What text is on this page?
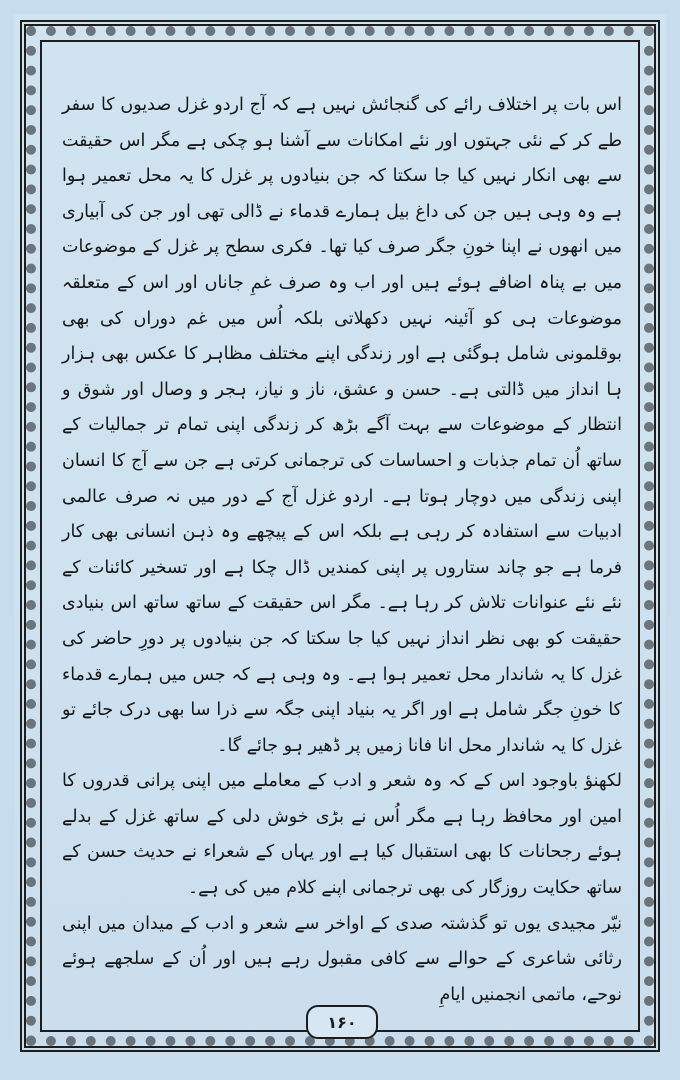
اس بات پر اختلاف رائے کی گنجائش نہیں ہے کہ آج اردو غزل صدیوں کا سفر طے کر کے نئی جہتوں اور نئے امکانات سے آشنا ہو چکی ہے مگر اس حقیقت سے بھی انکار نہیں کیا جا سکتا کہ جن بنیادوں پر غزل کا یہ محل تعمیر ہوا ہے وہ وہی ہیں جن کی داغ بیل ہمارے قدماء نے ڈالی تھی اور جن کی آبیاری میں انھوں نے اپنا خونِ جگر صرف کیا تھا۔ فکری سطح پر غزل کے موضوعات میں بے پناہ اضافے ہوئے ہیں اور اب وہ صرف غمِ جاناں اور اس کے متعلقہ موضوعات ہی کو آئینہ نہیں دکھلاتی بلکہ اُس میں غم دوراں کی بھی بوقلمونی شامل ہوگئی ہے اور زندگی اپنے مختلف مظاہر کا عکس بھی ہزار ہا انداز میں ڈالتی ہے۔ حسن و عشق، ناز و نیاز، ہجر و وصال اور شوق و انتظار کے موضوعات سے بہت آگے بڑھ کر زندگی اپنی تمام تر جمالیات کے ساتھ اُن تمام جذبات و احساسات کی ترجمانی کرتی ہے جن سے آج کا انسان اپنی زندگی میں دوچار ہوتا ہے۔ اردو غزل آج کے دور میں نہ صرف عالمی ادبیات سے استفادہ کر رہی ہے بلکہ اس کے پیچھے وہ ذہن انسانی بھی کار فرما ہے جو چاند ستاروں پر اپنی کمندیں ڈال چکا ہے اور تسخیر کائنات کے نئے نئے عنوانات تلاش کر رہا ہے۔ مگر اس حقیقت کے ساتھ ساتھ اس بنیادی حقیقت کو بھی نظر انداز نہیں کیا جا سکتا کہ جن بنیادوں پر دورِ حاضر کی غزل کا یہ شاندار محل تعمیر ہوا ہے۔ وہ وہی ہے کہ جس میں ہمارے قدماء کا خونِ جگر شامل ہے اور اگر یہ بنیاد اپنی جگہ سے ذرا سا بھی درک جائے تو غزل کا یہ شاندار محل انا فانا زمیں پر ڈھیر ہو جائے گا۔

لکھنؤ باوجود اس کے کہ وہ شعر و ادب کے معاملے میں اپنی پرانی قدروں کا امین اور محافظ رہا ہے مگر اُس نے بڑی خوش دلی کے ساتھ غزل کے بدلے ہوئے رجحانات کا بھی استقبال کیا ہے اور یہاں کے شعراء نے حدیث حسن کے ساتھ حکایت روزگار کی بھی ترجمانی اپنے کلام میں کی ہے۔

نیّر مجیدی یوں تو گذشتہ صدی کے اواخر سے شعر و ادب کے میدان میں اپنی رثائی شاعری کے حوالے سے کافی مقبول رہے ہیں اور اُن کے سلجھے ہوئے نوحے، ماتمی انجمنیں ایامِ

۱۶۰
